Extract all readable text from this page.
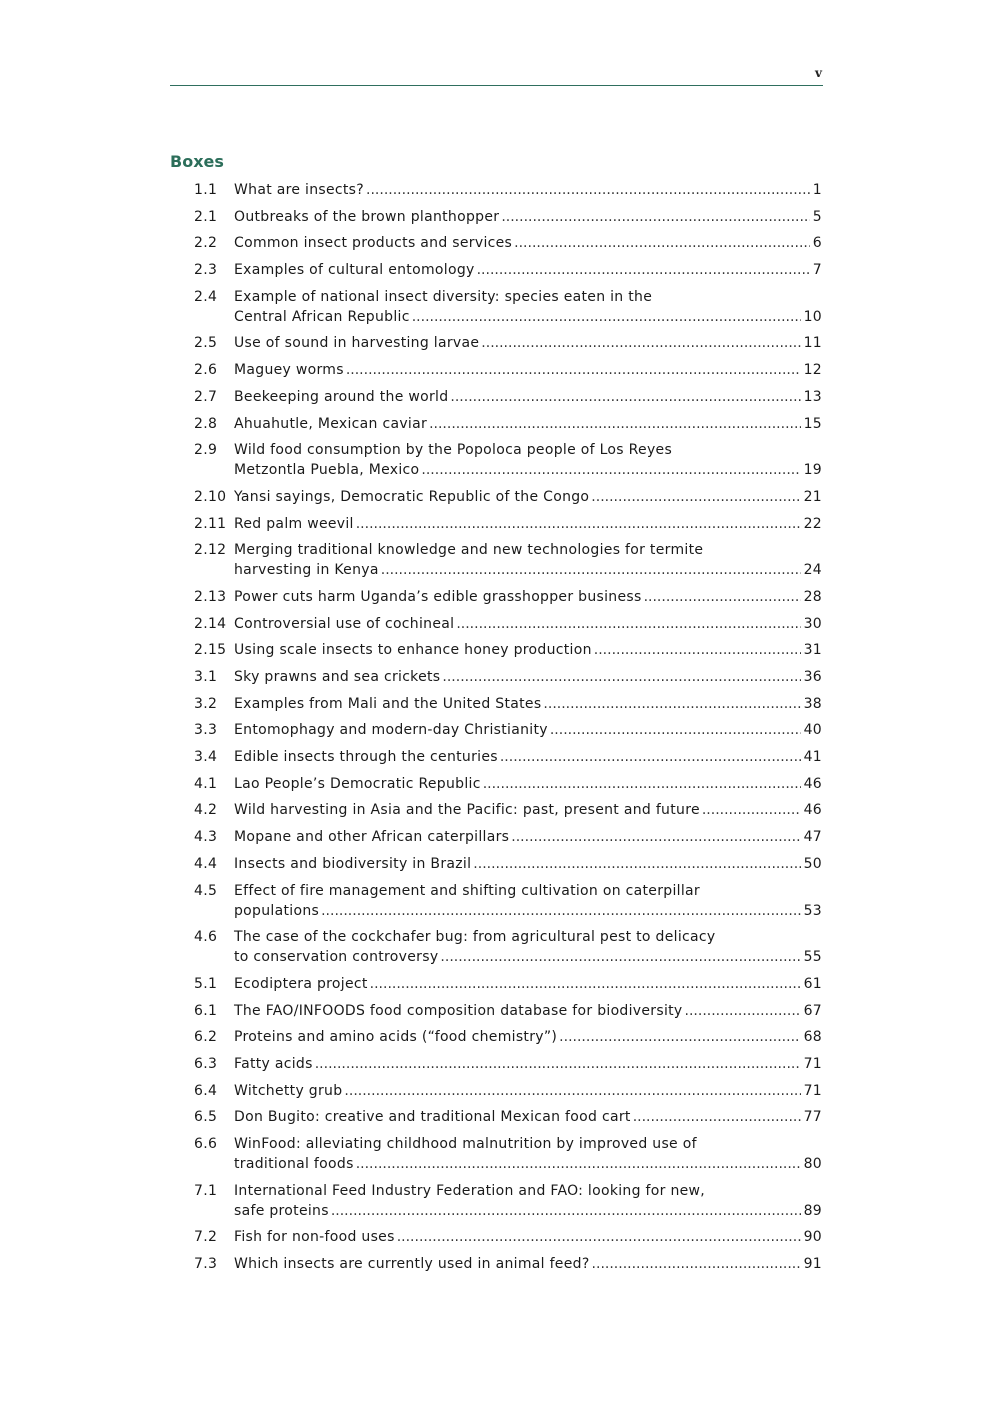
v
Boxes
1.1	What are insects? .....	1
2.1	Outbreaks of the brown planthopper .....	5
2.2	Common insect products and services .....	6
2.3	Examples of cultural entomology .....	7
2.4	Example of national insect diversity: species eaten in the
Central African Republic .....	10
2.5	Use of sound in harvesting larvae .....	11
2.6	Maguey worms .....	12
2.7	Beekeeping around the world .....	13
2.8	Ahuahutle, Mexican caviar .....	15
2.9	Wild food consumption by the Popoloca people of Los Reyes
Metzontla Puebla, Mexico .....	19
2.10 Yansi sayings, Democratic Republic of the Congo .....	21
2.11 Red palm weevil .....	22
2.12 Merging traditional knowledge and new technologies for termite
harvesting in Kenya .....	24
2.13 Power cuts harm Uganda’s edible grasshopper business .....	28
2.14 Controversial use of cochineal .....	30
2.15 Using scale insects to enhance honey production .....	31
3.1	Sky prawns and sea crickets .....	36
3.2	Examples from Mali and the United States .....	38
3.3	Entomophagy and modern-day Christianity .....	40
3.4	Edible insects through the centuries .....	41
4.1	Lao People’s Democratic Republic .....	46
4.2	Wild harvesting in Asia and the Pacific: past, present and future .....	46
4.3	Mopane and other African caterpillars .....	47
4.4	Insects and biodiversity in Brazil .....	50
4.5	Effect of fire management and shifting cultivation on caterpillar
populations .....	53
4.6	The case of the cockchafer bug: from agricultural pest to delicacy
to conservation controversy .....	55
5.1	Ecodiptera project .....	61
6.1	The FAO/INFOODS food composition database for biodiversity .....	67
6.2	Proteins and amino acids (“food chemistry”) .....	68
6.3	Fatty acids .....	71
6.4	Witchetty grub .....	71
6.5	Don Bugito: creative and traditional Mexican food cart .....	77
6.6	WinFood: alleviating childhood malnutrition by improved use of
traditional foods .....	80
7.1	International Feed Industry Federation and FAO: looking for new,
safe proteins .....	89
7.2	Fish for non-food uses .....	90
7.3	Which insects are currently used in animal feed? .....	91
